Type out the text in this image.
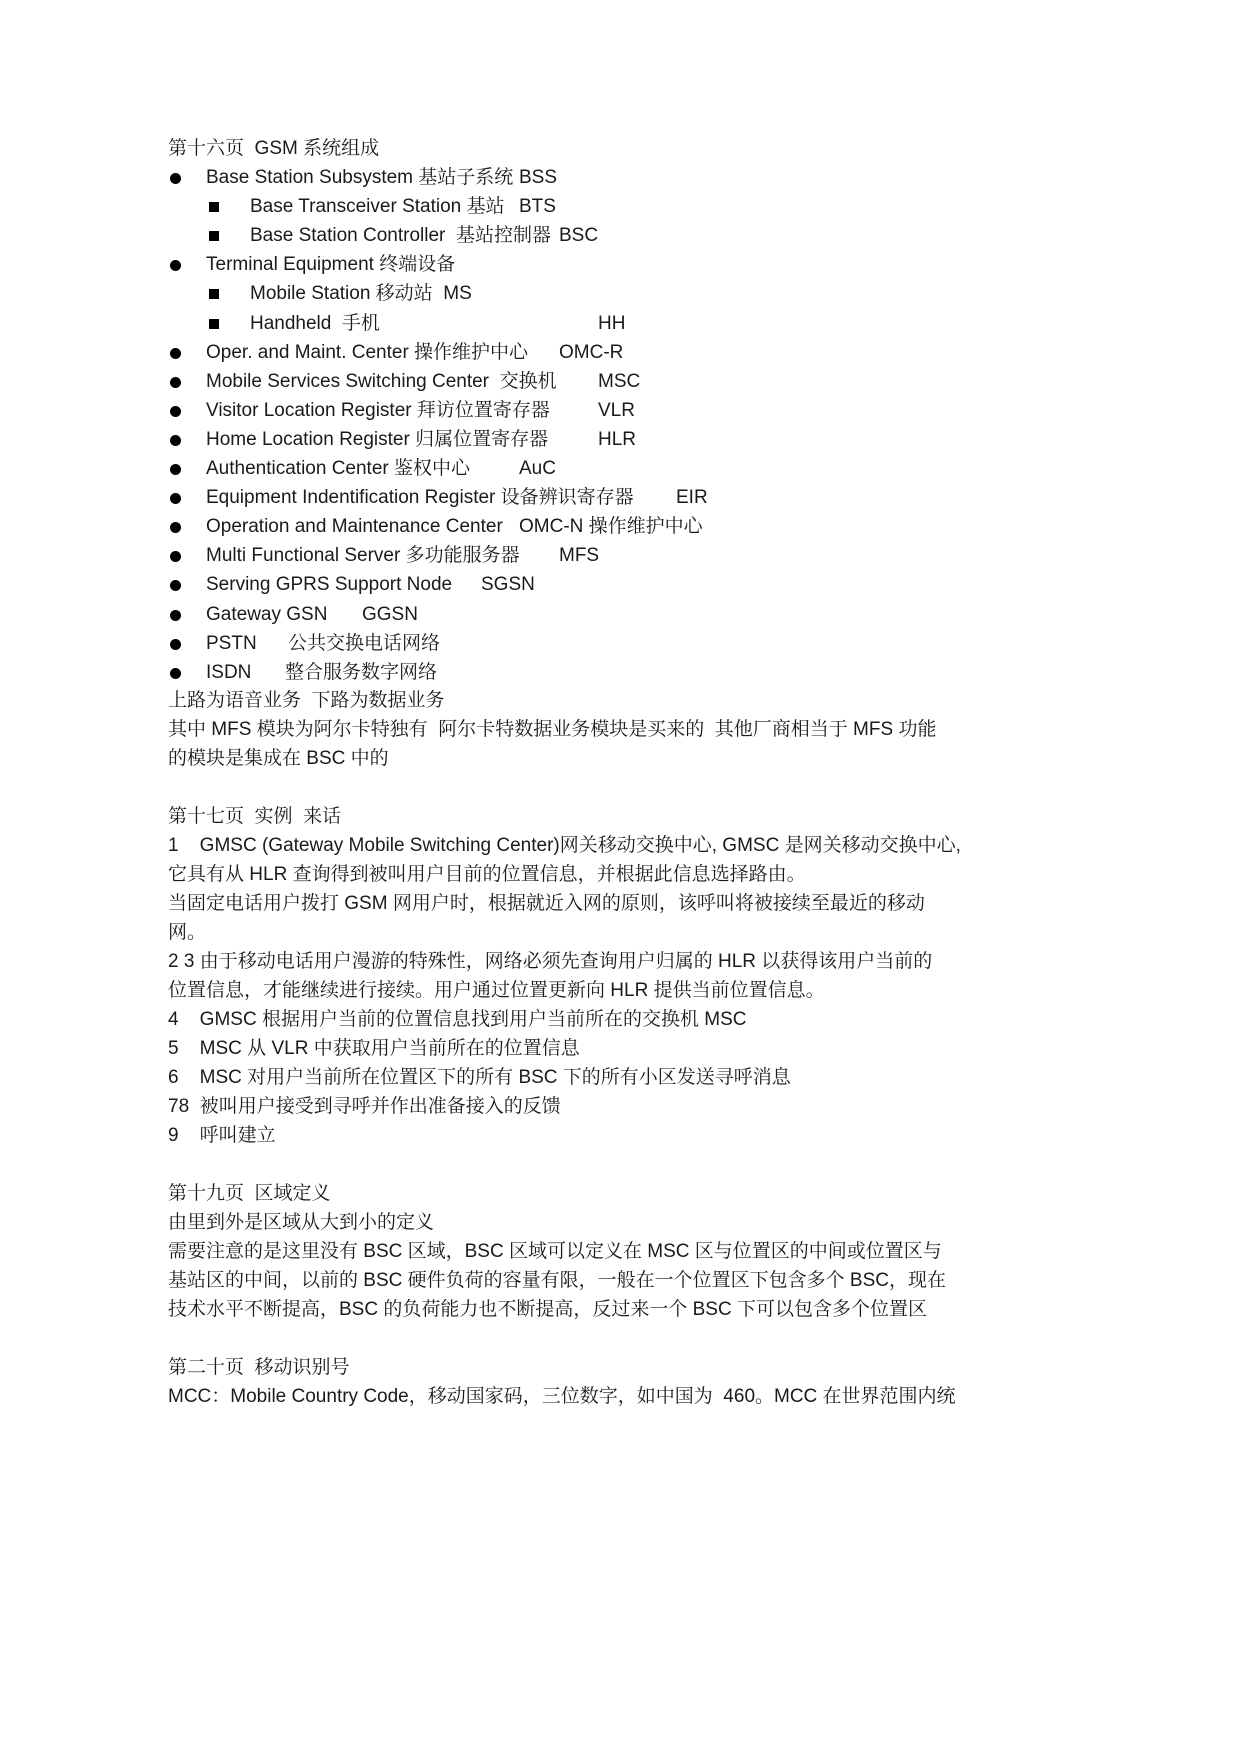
第十六页  GSM 系统组成
Base Station Subsystem 基站子系统 BSS
Base Transceiver Station 基站 BTS
Base Station Controller  基站控制器 BSC
Terminal Equipment 终端设备
Mobile Station 移动站  MS
Handheld  手机	HH
Oper. and Maint. Center 操作维护中心 OMC-R
Mobile Services Switching Center  交换机 MSC
Visitor Location Register 拜访位置寄存器	VLR
Home Location Register 归属位置寄存器	HLR
Authentication Center 鉴权中心	AuC
Equipment Indentification Register 设备辨识寄存器 EIR
Operation and Maintenance Center OMC-N 操作维护中心
Multi Functional Server 多功能服务器 MFS
Serving GPRS Support Node SGSN
Gateway GSN GGSN
PSTN 公共交换电话网络
ISDN 整合服务数字网络
上路为语音业务  下路为数据业务
其中 MFS 模块为阿尔卡特独有  阿尔卡特数据业务模块是买来的  其他厂商相当于 MFS 功能
的模块是集成在 BSC 中的
第十七页  实例  来话
1    GMSC (Gateway Mobile Switching Center)网关移动交换中心, GMSC 是网关移动交换中心,
它具有从 HLR 查询得到被叫用户目前的位置信息，并根据此信息选择路由。
当固定电话用户拨打 GSM 网用户时，根据就近入网的原则，该呼叫将被接续至最近的移动
网。
2 3 由于移动电话用户漫游的特殊性，网络必须先查询用户归属的 HLR 以获得该用户当前的
位置信息，才能继续进行接续。用户通过位置更新向 HLR 提供当前位置信息。
4    GMSC 根据用户当前的位置信息找到用户当前所在的交换机 MSC
5    MSC 从 VLR 中获取用户当前所在的位置信息
6    MSC 对用户当前所在位置区下的所有 BSC 下的所有小区发送寻呼消息
78  被叫用户接受到寻呼并作出准备接入的反馈
9    呼叫建立
第十九页  区域定义
由里到外是区域从大到小的定义
需要注意的是这里没有 BSC 区域，BSC 区域可以定义在 MSC 区与位置区的中间或位置区与
基站区的中间，以前的 BSC 硬件负荷的容量有限，一般在一个位置区下包含多个 BSC，现在
技术水平不断提高，BSC 的负荷能力也不断提高，反过来一个 BSC 下可以包含多个位置区
第二十页  移动识别号
MCC：Mobile Country Code，移动国家码，三位数字，如中国为  460。MCC 在世界范围内统
